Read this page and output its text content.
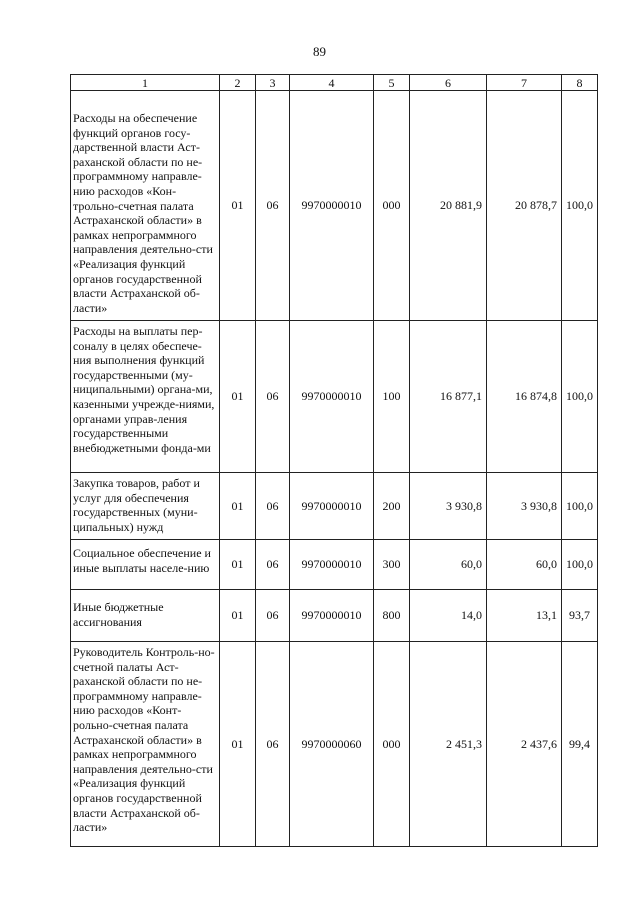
89
1	2	3	4	5	6	7	8
Расходы на обеспечение функций органов госу-дарственной власти Аст-раханской области по не-программному направле-нию расходов «Кон-трольно-счетная палата Астраханской области» в рамках непрограммного направления деятельно-сти «Реализация функций органов государственной власти Астраханской об-ласти»	01	06	9970000010	000	20 881,9	20 878,7	100,0
Расходы на выплаты пер-соналу в целях обеспече-ния выполнения функций государственными (му-ниципальными) органа-ми, казенными учрежде-ниями, органами управ-ления государственными внебюджетными фонда-ми	01	06	9970000010	100	16 877,1	16 874,8	100,0
Закупка товаров, работ и услуг для обеспечения государственных (муни-ципальных) нужд	01	06	9970000010	200	3 930,8	3 930,8	100,0
Социальное обеспечение и иные выплаты населе-нию	01	06	9970000010	300	60,0	60,0	100,0
Иные бюджетные ассигнования	01	06	9970000010	800	14,0	13,1	93,7
Руководитель Контроль-но-счетной палаты Аст-раханской области по не-программному направле-нию расходов «Конт-рольно-счетная палата Астраханской области» в рамках непрограммного направления деятельно-сти «Реализация функций органов государственной власти Астраханской об-ласти»	01	06	9970000060	000	2 451,3	2 437,6	99,4
